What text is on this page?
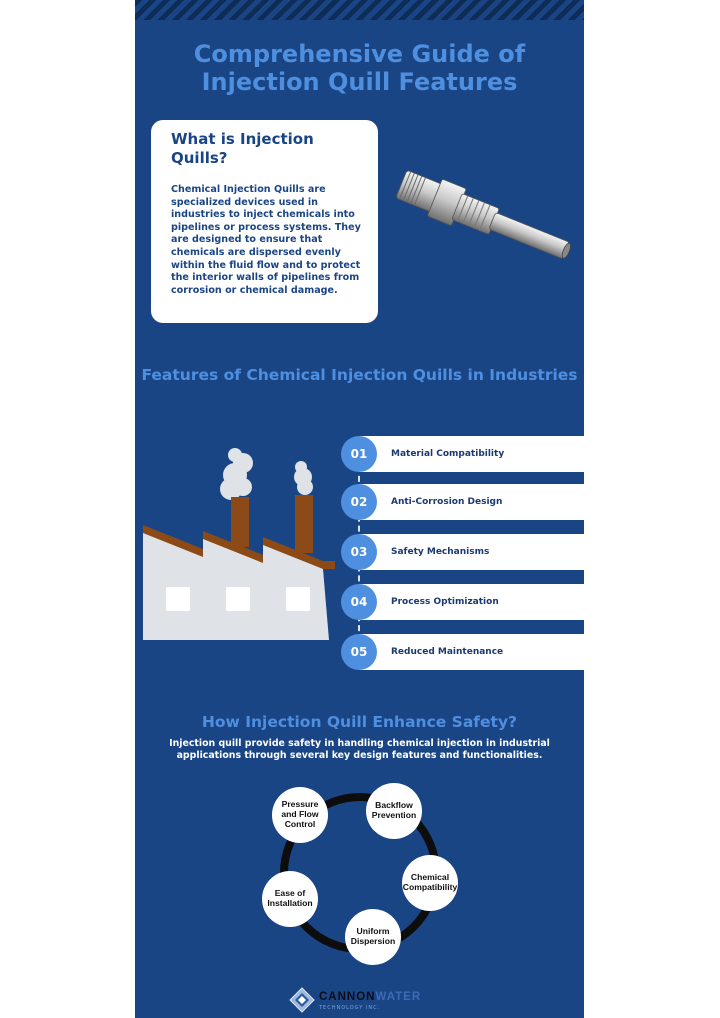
Comprehensive Guide of
Injection Quill Features
What is Injection Quills?

Chemical Injection Quills are specialized devices used in industries to inject chemicals into pipelines or process systems. They are designed to ensure that chemicals are dispersed evenly within the fluid flow and to protect the interior walls of pipelines from corrosion or chemical damage.

Features of Chemical Injection Quills in Industries
01	Material Compatibility
02	Anti-Corrosion Design
03	Safety Mechanisms
04	Process Optimization
05	Reduced Maintenance
How Injection Quill Enhance Safety?

Injection quill provide safety in handling chemical injection in industrial applications through several key design features and functionalities.

Backflow Prevention
Chemical Compatibility
Uniform Dispersion
Ease of Installation
Pressure and Flow Control
CANNONWATER
TECHNOLOGY INC.
